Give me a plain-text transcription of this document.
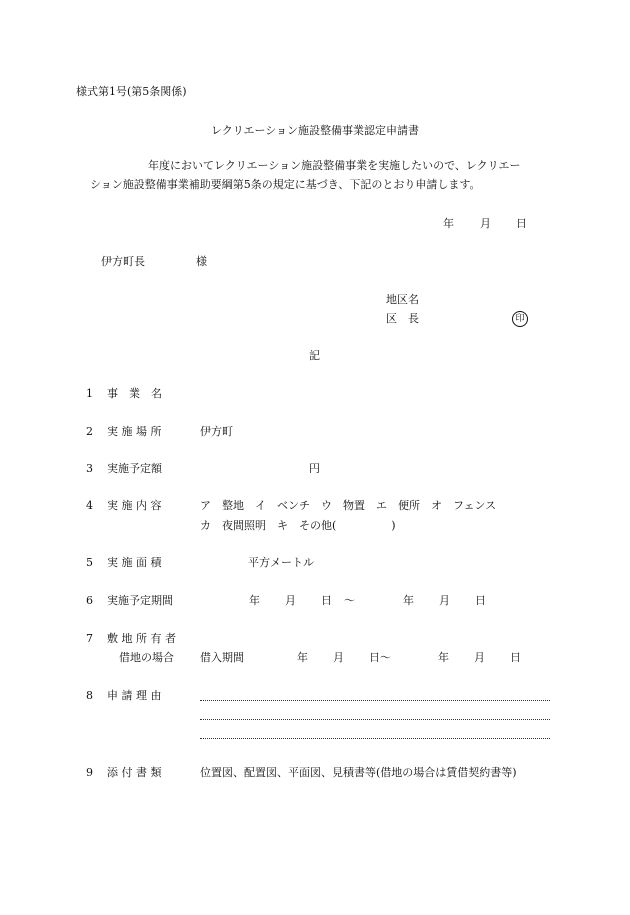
様式第1号(第5条関係)
レクリエーション施設整備事業認定申請書
年度においてレクリエーション施設整備事業を実施したいので、レクリエー
ション施設整備事業補助要綱第5条の規定に基づき、下記のとおり申請します。
年 月 日
伊方町長	様
地区名
区　長	印
記
1 事　業　名
2 実 施 場 所	伊方町
3 実施予定額	円
4 実 施 内 容	ア　整地　イ　ベンチ　ウ　物置　エ　便所　オ　フェンス
カ　夜間照明　キ　その他(　　　　　)
5 実 施 面 積	平方メートル
6 実施予定期間	年 月 日 ～	年 月 日
7 敷 地 所 有 者
借地の場合 借入期間	年 月 日～	年 月 日
8 申 請 理 由
9 添 付 書 類	位置図、配置図、平面図、見積書等(借地の場合は賃借契約書等)
